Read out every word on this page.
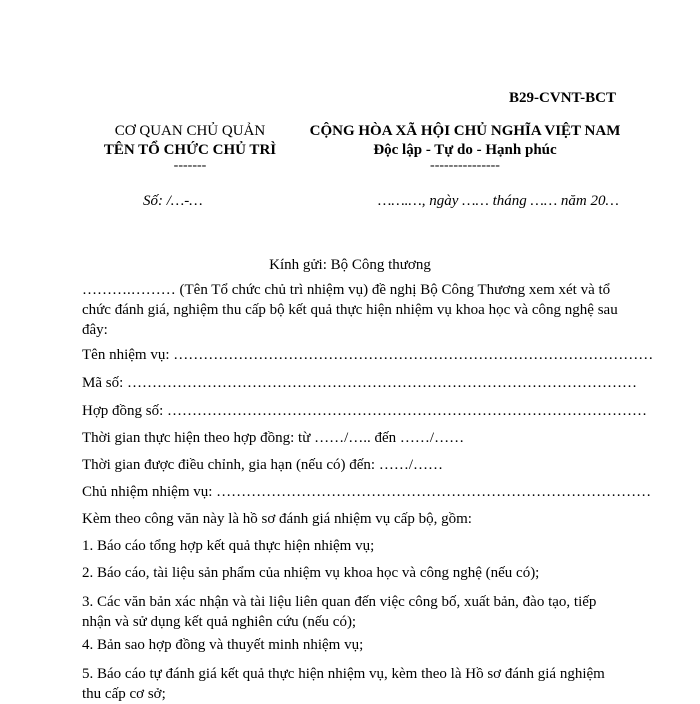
B29-CVNT-BCT
CƠ QUAN CHỦ QUẢN
TÊN TỔ CHỨC CHỦ TRÌ
-------
CỘNG HÒA XÃ HỘI CHỦ NGHĨA VIỆT NAM
Độc lập - Tự do - Hạnh phúc
---------------
Số: /…-…	…….…, ngày …… tháng …… năm 20…
Kính gửi: Bộ Công thương
……….……… (Tên Tổ chức chủ trì nhiệm vụ) đề nghị Bộ Công Thương xem xét và tổ chức đánh giá, nghiệm thu cấp bộ kết quả thực hiện nhiệm vụ khoa học và công nghệ sau đây:
Tên nhiệm vụ: ……………………………………………………………………………………
Mã số: …………………………………………………………………………………………
Hợp đồng số: ……………………………………………………………………………………
Thời gian thực hiện theo hợp đồng: từ ……/….. đến ……/……
Thời gian được điều chỉnh, gia hạn (nếu có) đến: ……/……
Chủ nhiệm nhiệm vụ: ……………………………………………………………………………
Kèm theo công văn này là hồ sơ đánh giá nhiệm vụ cấp bộ, gồm:
1. Báo cáo tổng hợp kết quả thực hiện nhiệm vụ;
2. Báo cáo, tài liệu sản phẩm của nhiệm vụ khoa học và công nghệ (nếu có);
3. Các văn bản xác nhận và tài liệu liên quan đến việc công bố, xuất bản, đào tạo, tiếp nhận và sử dụng kết quả nghiên cứu (nếu có);
4. Bản sao hợp đồng và thuyết minh nhiệm vụ;
5. Báo cáo tự đánh giá kết quả thực hiện nhiệm vụ, kèm theo là Hồ sơ đánh giá nghiệm thu cấp cơ sở;
